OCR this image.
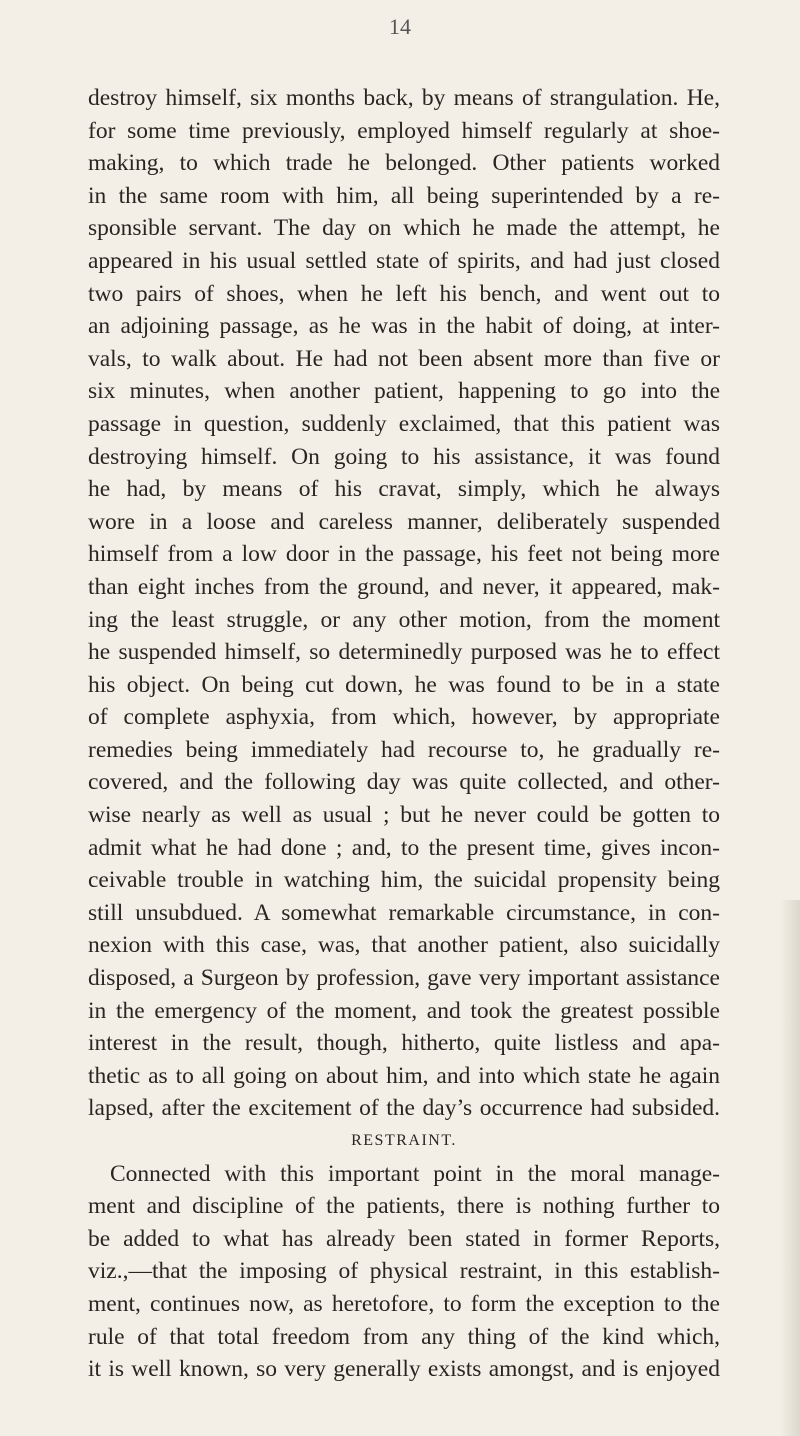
14
destroy himself, six months back, by means of strangulation. He,
for some time previously, employed himself regularly at shoe-
making, to which trade he belonged. Other patients worked
in the same room with him, all being superintended by a re-
sponsible servant. The day on which he made the attempt, he
appeared in his usual settled state of spirits, and had just closed
two pairs of shoes, when he left his bench, and went out to
an adjoining passage, as he was in the habit of doing, at inter-
vals, to walk about. He had not been absent more than five or
six minutes, when another patient, happening to go into the
passage in question, suddenly exclaimed, that this patient was
destroying himself. On going to his assistance, it was found
he had, by means of his cravat, simply, which he always
wore in a loose and careless manner, deliberately suspended
himself from a low door in the passage, his feet not being more
than eight inches from the ground, and never, it appeared, mak-
ing the least struggle, or any other motion, from the moment
he suspended himself, so determinedly purposed was he to effect
his object. On being cut down, he was found to be in a state
of complete asphyxia, from which, however, by appropriate
remedies being immediately had recourse to, he gradually re-
covered, and the following day was quite collected, and other-
wise nearly as well as usual ; but he never could be gotten to
admit what he had done ; and, to the present time, gives incon-
ceivable trouble in watching him, the suicidal propensity being
still unsubdued. A somewhat remarkable circumstance, in con-
nexion with this case, was, that another patient, also suicidally
disposed, a Surgeon by profession, gave very important assistance
in the emergency of the moment, and took the greatest possible
interest in the result, though, hitherto, quite listless and apa-
thetic as to all going on about him, and into which state he again
lapsed, after the excitement of the day’s occurrence had subsided.
RESTRAINT.
Connected with this important point in the moral manage-
ment and discipline of the patients, there is nothing further to
be added to what has already been stated in former Reports,
viz.,—that the imposing of physical restraint, in this establish-
ment, continues now, as heretofore, to form the exception to the
rule of that total freedom from any thing of the kind which,
it is well known, so very generally exists amongst, and is enjoyed
